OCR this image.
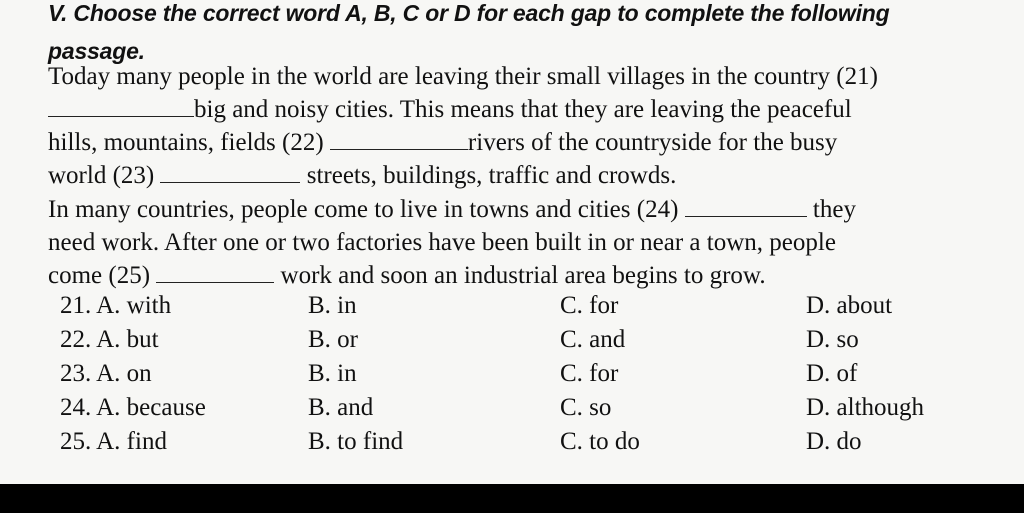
V. Choose the correct word A, B, C or D for each gap to complete the following
passage.
Today many people in the world are leaving their small villages in the country (21)
big and noisy cities. This means that they are leaving the peaceful
hills, mountains, fields (22)	rivers of the countryside for the busy
world (23)	streets, buildings, traffic and crowds.
In many countries, people come to live in towns and cities (24)	they
need work. After one or two factories have been built in or near a town, people
come (25)	work and soon an industrial area begins to grow.
21. A. with	B. in	C. for	D. about
22. A. but	B. or	C. and	D. so
23. A. on	B. in	C. for	D. of
24. A. because	B. and	C. so	D. although
25. A. find	B. to find	C. to do	D. do
